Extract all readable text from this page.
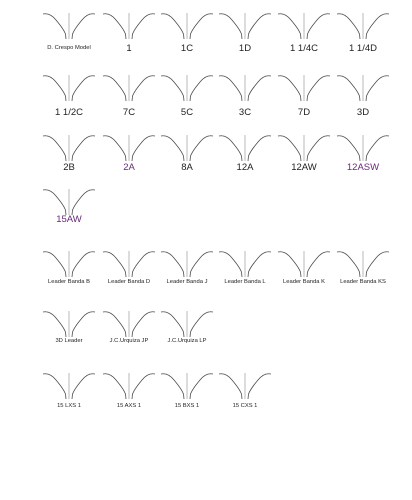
D. Crespo Model	1	1C	1D	1 1/4C	1 1/4D
1 1/2C	7C	5C	3C	7D	3D
2B	2A	8A	12A	12AW	12ASW
15AW
Leader Banda B	Leader Banda D	Leader Banda J	Leader Banda L	Leader Banda K	Leader Banda KS
3D Leader	J.C.Urquiza JP	J.C.Urquiza LP
15 LXS 1	15 AXS 1	15 BXS 1	15 CXS 1
